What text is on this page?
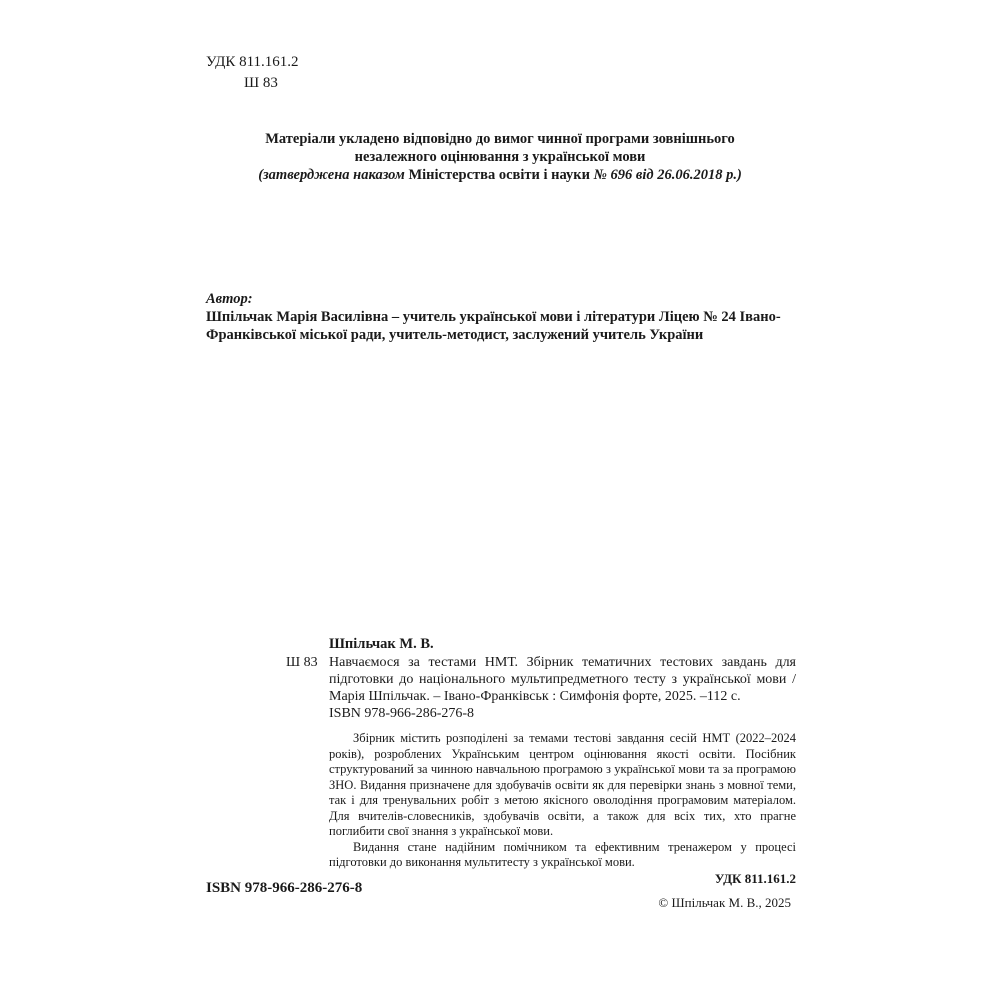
УДК 811.161.2
Ш 83
Матеріали укладено відповідно до вимог чинної програми зовнішнього
незалежного оцінювання з української мови
(затверджена наказом Міністерства освіти і науки № 696 від 26.06.2018 р.)
Автор:
Шпільчак Марія Василівна – учитель української мови і літератури Ліцею № 24 Івано-
Франківської міської ради, учитель-методист, заслужений учитель України
Шпільчак М. В.
Ш 83 Навчаємося за тестами НМТ. Збірник тематичних тестових завдань для підготовки до національного мультипредметного тесту з української мови / Марія Шпільчак. – Івано-Франківськ : Симфонія форте, 2025. –112 с.
ISBN 978-966-286-276-8

Збірник містить розподілені за темами тестові завдання сесій НМТ (2022–2024 років), розроблених Українським центром оцінювання якості освіти. Посібник структурований за чинною навчальною програмою з української мови та за програмою ЗНО. Видання призначене для здобувачів освіти як для перевірки знань з мовної теми, так і для тренувальних робіт з метою якісного оволодіння програмовим матеріалом. Для вчителів-словесників, здобувачів освіти, а також для всіх тих, хто прагне поглибити свої знання з української мови.

Видання стане надійним помічником та ефективним тренажером у процесі підготовки до виконання мультитесту з української мови.

УДК 811.161.2

ISBN 978-966-286-276-8
© Шпільчак М. В., 2025
